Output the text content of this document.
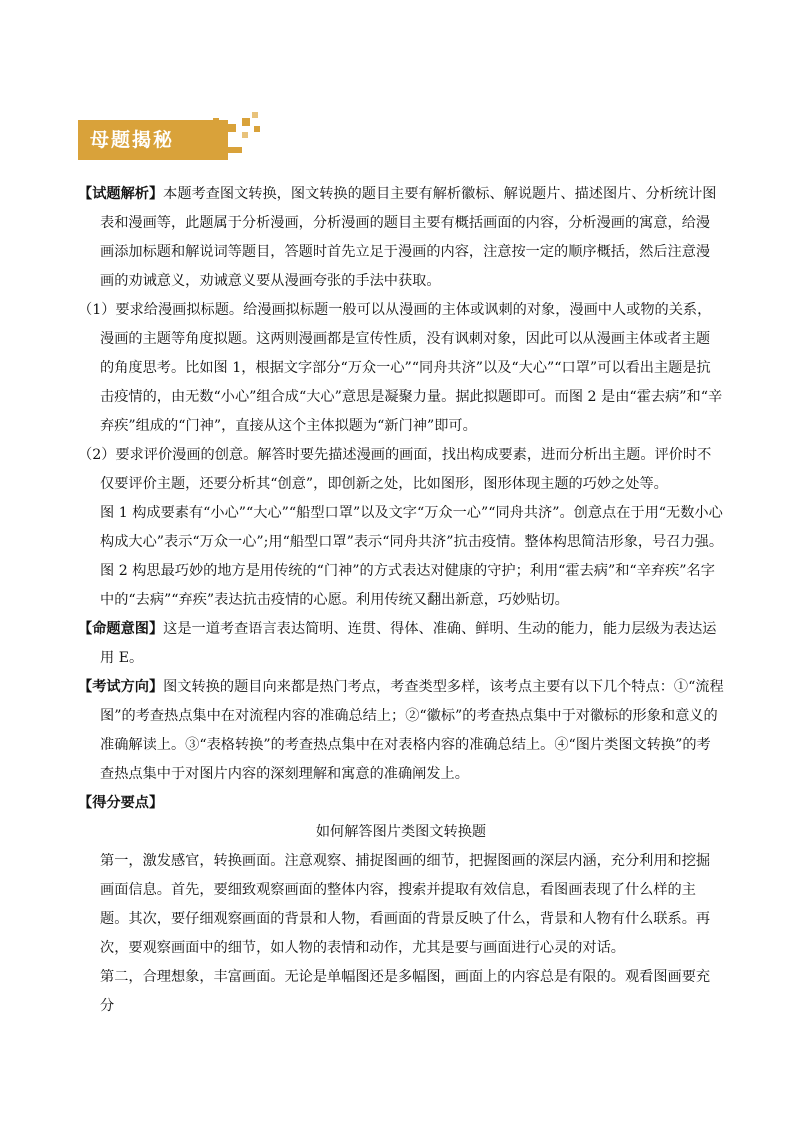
母题揭秘

【试题解析】本题考查图文转换，图文转换的题目主要有解析徽标、解说题片、描述图片、分析统计图表和漫画等，此题属于分析漫画，分析漫画的题目主要有概括画面的内容，分析漫画的寓意，给漫画添加标题和解说词等题目，答题时首先立足于漫画的内容，注意按一定的顺序概括，然后注意漫画的劝诫意义，劝诫意义要从漫画夸张的手法中获取。

（1）要求给漫画拟标题。给漫画拟标题一般可以从漫画的主体或讽刺的对象，漫画中人或物的关系，漫画的主题等角度拟题。这两则漫画都是宣传性质，没有讽刺对象，因此可以从漫画主体或者主题的角度思考。比如图 1，根据文字部分“万众一心”“同舟共济”以及“大心”“口罩”可以看出主题是抗击疫情的，由无数“小心”组合成“大心”意思是凝聚力量。据此拟题即可。而图 2 是由“霍去病”和“辛弃疾”组成的“门神”，直接从这个主体拟题为“新门神”即可。

（2）要求评价漫画的创意。解答时要先描述漫画的画面，找出构成要素，进而分析出主题。评价时不仅要评价主题，还要分析其“创意”，即创新之处，比如图形，图形体现主题的巧妙之处等。

图 1 构成要素有“小心”“大心”“船型口罩”以及文字“万众一心”“同舟共济”。创意点在于用“无数小心构成大心”表示“万众一心”;用“船型口罩”表示“同舟共济”抗击疫情。整体构思简洁形象，号召力强。图 2 构思最巧妙的地方是用传统的“门神”的方式表达对健康的守护；利用“霍去病”和“辛弃疾”名字中的“去病”“弃疾”表达抗击疫情的心愿。利用传统又翻出新意，巧妙贴切。

【命题意图】这是一道考查语言表达简明、连贯、得体、准确、鲜明、生动的能力，能力层级为表达运用 E。

【考试方向】图文转换的题目向来都是热门考点，考查类型多样，该考点主要有以下几个特点：①“流程图”的考查热点集中在对流程内容的准确总结上；②“徽标”的考查热点集中于对徽标的形象和意义的准确解读上。③“表格转换”的考查热点集中在对表格内容的准确总结上。④“图片类图文转换”的考查热点集中于对图片内容的深刻理解和寓意的准确阐发上。

【得分要点】

如何解答图片类图文转换题

第一，激发感官，转换画面。注意观察、捕捉图画的细节，把握图画的深层内涵，充分利用和挖掘画面信息。首先，要细致观察画面的整体内容，搜索并提取有效信息，看图画表现了什么样的主题。其次，要仔细观察画面的背景和人物，看画面的背景反映了什么，背景和人物有什么联系。再次，要观察画面中的细节，如人物的表情和动作，尤其是要与画面进行心灵的对话。

第二，合理想象，丰富画面。无论是单幅图还是多幅图，画面上的内容总是有限的。观看图画要充分
